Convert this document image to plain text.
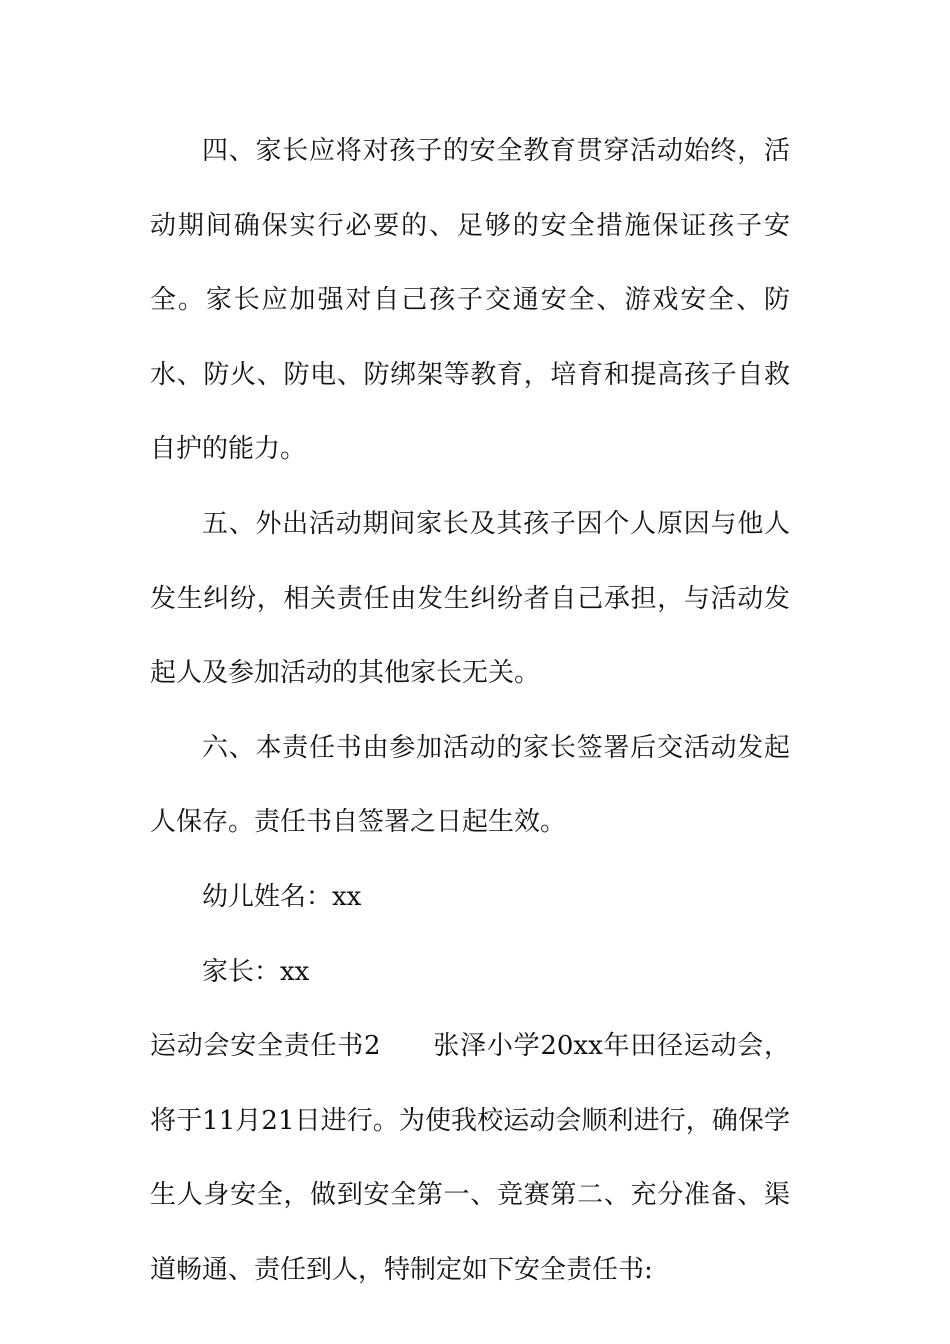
四、家长应将对孩子的安全教育贯穿活动始终，活动期间确保实行必要的、足够的安全措施保证孩子安全。家长应加强对自己孩子交通安全、游戏安全、防水、防火、防电、防绑架等教育，培育和提高孩子自救自护的能力。

五、外出活动期间家长及其孩子因个人原因与他人发生纠纷，相关责任由发生纠纷者自己承担，与活动发起人及参加活动的其他家长无关。

六、本责任书由参加活动的家长签署后交活动发起人保存。责任书自签署之日起生效。

幼儿姓名：xx

家长：xx

运动会安全责任书2 张泽小学20xx年田径运动会，将于11月21日进行。为使我校运动会顺利进行，确保学生人身安全，做到安全第一、竞赛第二、充分准备、渠道畅通、责任到人，特制定如下安全责任书:
